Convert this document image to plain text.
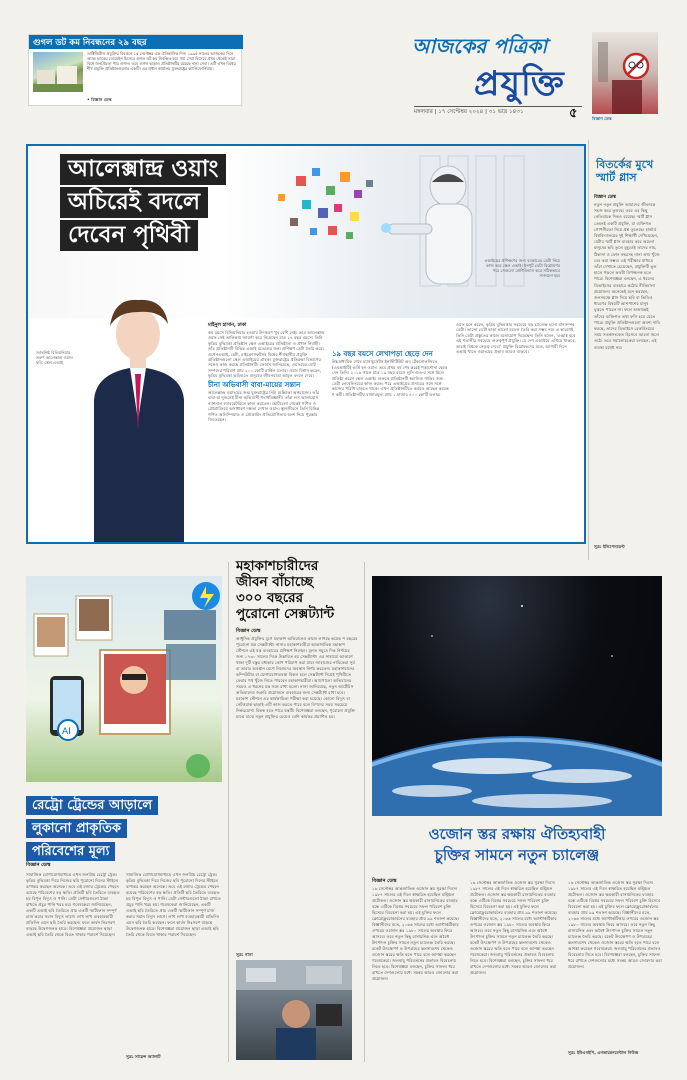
গুগল ডট কম নিবন্ধনের ২৯ বছর
ডাক্টিজিটাল প্রযুক্তির বিবর্তনে ১৫ সেপ্টেম্বর এক ঐতিহাসিক দিন। ১৯৯৫ সালের আজকের দিনে অ্যান্ড হ্যাকের ডোমেইন হিসেবে গুগল ডট কম নিবন্ধিত হয়। সার্চ সেবা হিসেবে প্রথম থেকেই সারা বিশ্বে জনপ্রিয়তা পায় গুগল। তবে গুগল ছাড়াও প্রতিষ্ঠানটির রয়েছে নানা সেবা। এটি এখন বিশ্বের শীর্ষ প্রযুক্তি প্রতিষ্ঠানগুলোর একটি। এর প্রধান কার্যালয় যুক্তরাষ্ট্রের ক্যালিফোর্নিয়ায়।
• বিজ্ঞান ডেস্ক
আজকের পত্রিকা
প্রযুক্তি
মঙ্গলবার | ১৭ সেপ্টেম্বর ২০২৪ | ৩১ ভাদ্র ১৪৩১	৫	বিজ্ঞান ডেস্ক
বিতর্কের মুখে স্মার্ট গ্লাস
বিজ্ঞান ডেস্ক
নতুন নতুন প্রযুক্তি আমাদের জীবনকে সহজ করে তুলছে। তবে এর কিছু নেতিবাচক দিকও রয়েছে। স্মার্ট গ্লাস তেমনই একটি প্রযুক্তি, যা ব্যক্তিগত গোপনীয়তা নিয়ে প্রশ্ন তুলেছে। হার্ভার্ড বিশ্ববিদ্যালয়ের দুই শিক্ষার্থী দেখিয়েছেন, মেটার স্মার্ট গ্লাস ব্যবহার করে অচেনা মানুষের ছবি তুলে মুহূর্তেই তাদের নাম, ঠিকানা ও ফোন নম্বরসহ নানা তথ্য খুঁজে বের করা সম্ভব। এই পরীক্ষার মাধ্যমে তাঁরা দেখাতে চেয়েছেন, প্রযুক্তিটি ভুল হাতে পড়লে কতটা বিপজ্জনক হতে পারে। বিশেষজ্ঞরা বলছেন, এ ধরনের ডিভাইসের ব্যবহারে কঠোর নীতিমালা প্রয়োজন। অনেকেই মনে করছেন, জনসমক্ষে গ্লাস দিয়ে ছবি বা ভিডিও ধারণের বিষয়টি আশপাশের মানুষ বুঝতে পারেন না। ফলে অজান্তেই তাঁদের ব্যক্তিগত তথ্য ফাঁস হয়ে যেতে পারে। প্রযুক্তি প্রতিষ্ঠানগুলো অবশ্য দাবি করছে, তাদের ডিভাইসে রেকর্ডিংয়ের সময় সতর্কসংকেত হিসেবে আলো জ্বলে ওঠে। তবে সমালোচকেরা বলছেন, এই ব্যবস্থা যথেষ্ট নয়।
সূত্র: ইন্ডিপেনডেন্ট
আলেক্সান্দ্র ওয়াং
অচিরেই বদলে
দেবেন পৃথিবী
এআইয়ের প্রশিক্ষণের জন্য ব্যবহারের ডেটা নিয়ে কাজ করে স্কেল এআই। ইনপুট ডেটা বিশ্লেষণের পরে সেগুলো শ্রেণিবিন্যাস করে সঠিকভাবে সাজানো হয়।
সর্বকনিষ্ঠ বিলিয়নিয়ার তরুণ আলেক্সান্দ্র ওয়াং। ছবি: স্কেল এআই
মাইনুল হাসান, ঢাকা

কম বয়সে বিলিয়নিয়ার হওয়ার উদাহরণ খুব বেশি নেই। তবে আলেক্সান্দ্র ওয়াং সেই তালিকায় জায়গা করে নিয়েছেন মাত্র ২৪ বছর বয়সে। তিনি কৃত্রিম বুদ্ধিমত্তা প্রতিষ্ঠান স্কেল এআইয়ের প্রতিষ্ঠাতা ও প্রধান নির্বাহী। তাঁর প্রতিষ্ঠানটি বিভিন্ন এআই মডেলের জন্য প্রশিক্ষণ ডেটা তৈরি করে। ওপেনএআই, মেটা, মাইক্রোসফটসহ বিশ্বের শীর্ষস্থানীয় প্রযুক্তি প্রতিষ্ঠানগুলো স্কেল এআইয়ের গ্রাহক। যুক্তরাষ্ট্রের প্রতিরক্ষা বিভাগের সঙ্গেও কাজ করছে প্রতিষ্ঠানটি। ফোর্বস জানিয়েছে, ওয়াংয়ের মোট সম্পদের পরিমাণ প্রায় ২০০ কোটি মার্কিন ডলার। ওয়াং বিশ্বাস করেন, কৃত্রিম বুদ্ধিমত্তা ভবিষ্যতে মানুষের জীবনযাত্রা আমূল বদলে দেবে।

চীনা অভিবাসী বাবা-মায়ের সন্তান

আলেক্সান্দ্র ওয়াংয়ের জন্ম যুক্তরাষ্ট্রের নিউ মেক্সিকো অঙ্গরাজ্যে। তাঁর বাবা-মা দুজনেই চীনা অভিবাসী পদার্থবিজ্ঞানী। তাঁরা লস আলামোস ন্যাশনাল ল্যাবরেটরিতে কাজ করতেন। ছোটবেলা থেকেই গণিত ও প্রোগ্রামিংয়ে অসাধারণ দক্ষতা দেখান ওয়াং। স্কুলজীবনে তিনি বিভিন্ন গণিত অলিম্পিয়াড ও প্রোগ্রামিং প্রতিযোগিতায় অংশ নিয়ে পুরস্কার জিতেছেন।

১৯ বছর বয়সে লেখাপড়া ছেড়ে দেন

উচ্চমাধ্যমিক শেষে ম্যাসাচুসেটস ইনস্টিটিউট অব টেকনোলজিতে (এমআইটি) ভর্তি হন ওয়াং। তবে প্রথম বর্ষ শেষ করেই পড়াশোনা ছেড়ে দেন তিনি। ২০১৬ সালে মাত্র ১৯ বছর বয়সে লুসি গুও-র সঙ্গে মিলে প্রতিষ্ঠা করেন স্কেল এআই। শুরুতে প্রতিষ্ঠানটি স্বচালিত গাড়ির জন্য ডেটা লেবেলিংয়ের কাজ করত। পরে এআইয়ের প্রসারের সঙ্গে সঙ্গে কাজের পরিধি বাড়তে থাকে। এখন প্রতিষ্ঠানটিতে কর্মরত আছেন কয়েক শ কর্মী। প্রতিষ্ঠানটির বাজারমূল্য প্রায় ১ হাজার ৪০০ কোটি ডলার।

ওয়াং মনে করেন, কৃত্রিম বুদ্ধিমত্তার সবচেয়ে বড় চ্যালেঞ্জ হলো মানসম্পন্ন ডেটা। ভালো ডেটা ছাড়া ভালো মডেল তৈরি করা সম্ভব নয়। এ কারণেই তিনি ডেটা প্রস্তুতের কাজে মনোযোগ দিয়েছেন। তিনি বলেন, 'এআই হবে এই শতাব্দীর সবচেয়ে গুরুত্বপূর্ণ প্রযুক্তি। যে দেশ এআইয়ে এগিয়ে থাকবে, তারাই বিশ্বকে নেতৃত্ব দেবে।' প্রযুক্তি বিশ্লেষকদের মতে, আগামী দিনে এআই খাতে ওয়াংয়ের প্রভাব আরও বাড়বে।

AI
রেট্রো ট্রেন্ডের আড়ালে
লুকানো প্রাকৃতিক
পরিবেশের মূল্য
বিজ্ঞান ডেস্ক
সামাজিক যোগাযোগমাধ্যমে এখন জনপ্রিয় রেট্রো ট্রেন্ড। কৃত্রিম বুদ্ধিমত্তা দিয়ে নিজের ছবি পুরোনো দিনের স্টাইলে রূপান্তর করছেন অনেকে। তবে এই মজার ট্রেন্ডের পেছনে রয়েছে পরিবেশের বড় ক্ষতি। প্রতিটি ছবি তৈরিতে ব্যবহৃত হয় বিপুল বিদ্যুৎ ও পানি। ডেটা সেন্টারগুলো ঠান্ডা রাখতে প্রচুর পানি খরচ হয়। গবেষকেরা জানিয়েছেন, একটি এআই ছবি তৈরিতে প্রায় একটি স্মার্টফোন সম্পূর্ণ চার্জ করার সমান বিদ্যুৎ লাগে। লাখ লাখ ব্যবহারকারী প্রতিদিন এমন ছবি তৈরি করছেন। ফলে কার্বন নিঃসরণ বাড়ছে উদ্বেগজনক হারে। বিশেষজ্ঞরা প্রয়োজন ছাড়া এআই ছবি তৈরি থেকে বিরত থাকার পরামর্শ দিয়েছেন।
সামাজিক যোগাযোগমাধ্যমে এখন জনপ্রিয় রেট্রো ট্রেন্ড। কৃত্রিম বুদ্ধিমত্তা দিয়ে নিজের ছবি পুরোনো দিনের স্টাইলে রূপান্তর করছেন অনেকে। তবে এই মজার ট্রেন্ডের পেছনে রয়েছে পরিবেশের বড় ক্ষতি। প্রতিটি ছবি তৈরিতে ব্যবহৃত হয় বিপুল বিদ্যুৎ ও পানি। ডেটা সেন্টারগুলো ঠান্ডা রাখতে প্রচুর পানি খরচ হয়। গবেষকেরা জানিয়েছেন, একটি এআই ছবি তৈরিতে প্রায় একটি স্মার্টফোন সম্পূর্ণ চার্জ করার সমান বিদ্যুৎ লাগে। লাখ লাখ ব্যবহারকারী প্রতিদিন এমন ছবি তৈরি করছেন। ফলে কার্বন নিঃসরণ বাড়ছে উদ্বেগজনক হারে। বিশেষজ্ঞরা প্রয়োজন ছাড়া এআই ছবি তৈরি থেকে বিরত থাকার পরামর্শ দিয়েছেন।
সূত্র: সায়েন্স অ্যালার্ট
মহাকাশচারীদের
জীবন বাঁচাচ্ছে
৩০০ বছরের
পুরোনো সেক্সট্যান্ট
বিজ্ঞান ডেস্ক
আধুনিক প্রযুক্তির যুগে মহাকাশ অভিযানেও কাজে লাগছে কয়েক শ বছরের পুরোনো যন্ত্র সেক্সট্যান্ট। নাসার মহাকাশচারীরা আন্তর্জাতিক মহাকাশ স্টেশনে এই যন্ত্র ব্যবহারের প্রশিক্ষণ নিচ্ছেন। মূলত সমুদ্রে দিক নির্ণয়ের জন্য ১৭৩০ সালের দিকে উদ্ভাবিত হয় সেক্সট্যান্ট। এর সাহায্যে আকাশে থাকা দুটি বস্তুর মধ্যকার কোণ পরিমাপ করা যায়। জাহাজের নাবিকেরা সূর্য বা তারার অবস্থান মেপে নিজেদের অবস্থান নির্ণয় করতেন। মহাকাশযানের কম্পিউটার বা যোগাযোগব্যবস্থা বিকল হলে সেক্সট্যান্ট দিয়েই পৃথিবীতে ফেরার পথ খুঁজে নিতে পারবেন মহাকাশচারীরা। অ্যাপোলো অভিযানের সময়ও এ ধরনের যন্ত্র সঙ্গে রাখা হতো। নাসা জানিয়েছে, নতুন আর্টেমিস অভিযানেও জরুরি প্রয়োজনে ব্যবহারের জন্য সেক্সট্যান্ট রাখা হবে। মহাকাশ স্টেশনে এর কার্যকারিতা পরীক্ষা করা হয়েছে। কোনো বিদ্যুৎ বা নেটওয়ার্ক ছাড়াই এটি কাজ করতে পারে বলে বিপদের সময় সবচেয়ে নির্ভরযোগ্য বিকল্প হতে পারে যন্ত্রটি। বিশেষজ্ঞরা বলছেন, পুরোনো প্রযুক্তি মাঝে মাঝে নতুন প্রযুক্তির চেয়েও বেশি কার্যকর প্রমাণিত হয়।
সূত্র: নাসা
ওজোন স্তর রক্ষায় ঐতিহ্যবাহী
চুক্তির সামনে নতুন চ্যালেঞ্জ
বিজ্ঞান ডেস্ক
১৬ সেপ্টেম্বর আন্তর্জাতিক ওজোন স্তর সুরক্ষা দিবস। ১৯৮৭ সালের এই দিনে স্বাক্ষরিত হয়েছিল মন্ট্রিয়ল প্রটোকল। ওজোন স্তর ক্ষয়কারী রাসায়নিকের ব্যবহার বন্ধে এটিকে বিশ্বের সবচেয়ে সফল পরিবেশ চুক্তি হিসেবে বিবেচনা করা হয়। এই চুক্তির ফলে ক্লোরোফ্লুরোকার্বনের ব্যবহার প্রায় ৯৯ শতাংশ কমেছে। বিজ্ঞানীদের মতে, ২০৬৬ সালের মধ্যে অ্যান্টার্কটিকার ওপরের ওজোন স্তর ১৯৮০ সালের অবস্থায় ফিরে আসবে। তবে নতুন কিছু রাসায়নিক এবং অবৈধ উৎপাদন চুক্তির সামনে নতুন চ্যালেঞ্জ তৈরি করছে। রকেট উৎক্ষেপণ ও উপগ্রহের ধ্বংসাবশেষ থেকেও ওজোন স্তরের ক্ষতি হতে পারে বলে আশঙ্কা করছেন গবেষকেরা। জলবায়ু পরিবর্তনের প্রভাবও বিবেচনায় নিতে হবে। বিশেষজ্ঞরা বলছেন, চুক্তির সাফল্য ধরে রাখতে দেশগুলোর মধ্যে সমন্বয় আরও জোরদার করা প্রয়োজন।
১৬ সেপ্টেম্বর আন্তর্জাতিক ওজোন স্তর সুরক্ষা দিবস। ১৯৮৭ সালের এই দিনে স্বাক্ষরিত হয়েছিল মন্ট্রিয়ল প্রটোকল। ওজোন স্তর ক্ষয়কারী রাসায়নিকের ব্যবহার বন্ধে এটিকে বিশ্বের সবচেয়ে সফল পরিবেশ চুক্তি হিসেবে বিবেচনা করা হয়। এই চুক্তির ফলে ক্লোরোফ্লুরোকার্বনের ব্যবহার প্রায় ৯৯ শতাংশ কমেছে। বিজ্ঞানীদের মতে, ২০৬৬ সালের মধ্যে অ্যান্টার্কটিকার ওপরের ওজোন স্তর ১৯৮০ সালের অবস্থায় ফিরে আসবে। তবে নতুন কিছু রাসায়নিক এবং অবৈধ উৎপাদন চুক্তির সামনে নতুন চ্যালেঞ্জ তৈরি করছে। রকেট উৎক্ষেপণ ও উপগ্রহের ধ্বংসাবশেষ থেকেও ওজোন স্তরের ক্ষতি হতে পারে বলে আশঙ্কা করছেন গবেষকেরা। জলবায়ু পরিবর্তনের প্রভাবও বিবেচনায় নিতে হবে। বিশেষজ্ঞরা বলছেন, চুক্তির সাফল্য ধরে রাখতে দেশগুলোর মধ্যে সমন্বয় আরও জোরদার করা প্রয়োজন।
১৬ সেপ্টেম্বর আন্তর্জাতিক ওজোন স্তর সুরক্ষা দিবস। ১৯৮৭ সালের এই দিনে স্বাক্ষরিত হয়েছিল মন্ট্রিয়ল প্রটোকল। ওজোন স্তর ক্ষয়কারী রাসায়নিকের ব্যবহার বন্ধে এটিকে বিশ্বের সবচেয়ে সফল পরিবেশ চুক্তি হিসেবে বিবেচনা করা হয়। এই চুক্তির ফলে ক্লোরোফ্লুরোকার্বনের ব্যবহার প্রায় ৯৯ শতাংশ কমেছে। বিজ্ঞানীদের মতে, ২০৬৬ সালের মধ্যে অ্যান্টার্কটিকার ওপরের ওজোন স্তর ১৯৮০ সালের অবস্থায় ফিরে আসবে। তবে নতুন কিছু রাসায়নিক এবং অবৈধ উৎপাদন চুক্তির সামনে নতুন চ্যালেঞ্জ তৈরি করছে। রকেট উৎক্ষেপণ ও উপগ্রহের ধ্বংসাবশেষ থেকেও ওজোন স্তরের ক্ষতি হতে পারে বলে আশঙ্কা করছেন গবেষকেরা। জলবায়ু পরিবর্তনের প্রভাবও বিবেচনায় নিতে হবে। বিশেষজ্ঞরা বলছেন, চুক্তির সাফল্য ধরে রাখতে দেশগুলোর মধ্যে সমন্বয় আরও জোরদার করা প্রয়োজন।
সূত্র: ইউএনইপি, এনভায়রনমেন্টাল নিউজ
